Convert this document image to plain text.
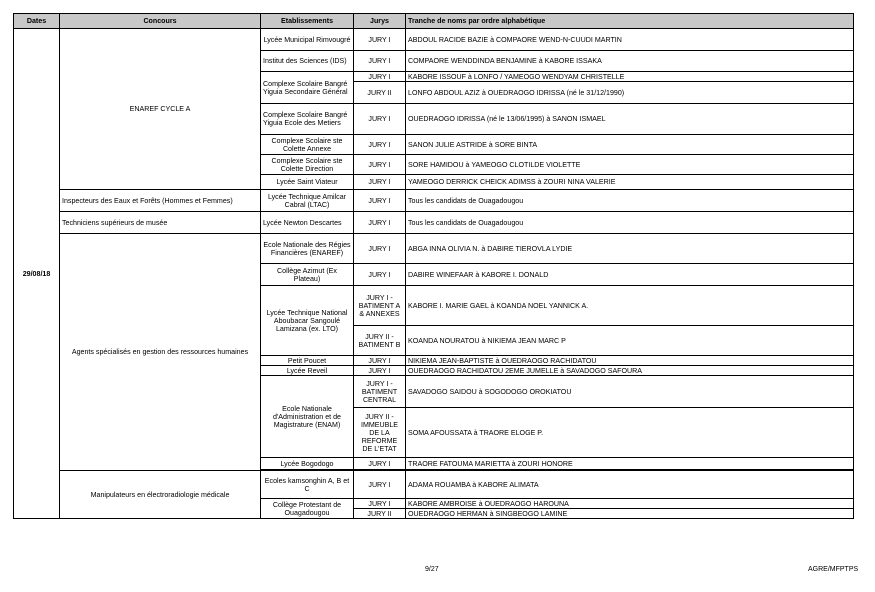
Dates	Concours	Etablissements	Jurys	Tranche de noms par ordre alphabétique
29/08/18	ENAREF CYCLE A	Lycée Municipal Rimvougré	JURY I	ABDOUL RACIDE BAZIE à COMPAORE WEND-N-CUUDI MARTIN
		Institut des Sciences (IDS)	JURY I	COMPAORE WENDDINDA BENJAMINE à KABORE ISSAKA
		Complexe Scolaire Bangré Yiguia Secondaire Général	JURY I	KABORE ISSOUF à LONFO / YAMEOGO WENDYAM CHRISTELLE
			JURY II	LONFO ABDOUL AZIZ à OUEDRAOGO IDRISSA (né le 31/12/1990)
		Complexe Scolaire Bangré Yiguia Ecole des Metiers	JURY I	OUEDRAOGO IDRISSA (né le 13/06/1995) à SANON ISMAEL
		Complexe Scolaire ste Colette Annexe	JURY I	SANON JULIE ASTRIDE à SORE BINTA
		Complexe Scolaire ste Colette Direction	JURY I	SORE HAMIDOU à YAMEOGO CLOTILDE VIOLETTE
		Lycée Saint Viateur	JURY I	YAMEOGO DERRICK CHEICK ADIMSS à ZOURI NINA VALERIE
	Inspecteurs des Eaux et Forêts (Hommes et Femmes)	Lycée Technique Amilcar Cabral (LTAC)	JURY I	Tous les candidats de Ouagadougou
	Techniciens supérieurs de musée	Lycée Newton Descartes	JURY I	Tous les candidats de Ouagadougou
	Agents spécialisés en gestion des ressources humaines	Ecole Nationale des Régies Financières (ENAREF)	JURY I	ABGA INNA OLIVIA N. à DABIRE TIEROVLA LYDIE
		Collège Azimut (Ex Plateau)	JURY I	DABIRE WINEFAAR à KABORE I. DONALD
		Lycée Technique National Aboubacar Sangoulé Lamizana (ex. LTO)	JURY I - BATIMENT A & ANNEXES	KABORE I. MARIE GAEL à KOANDA NOEL YANNICK A.
			JURY II - BATIMENT B	KOANDA NOURATOU à NIKIEMA JEAN MARC P
		Petit Poucet	JURY I	NIKIEMA JEAN-BAPTISTE à OUEDRAOGO RACHIDATOU
		Lycée Reveil	JURY I	OUEDRAOGO RACHIDATOU 2EME JUMELLE à SAVADOGO SAFOURA
		Ecole Nationale d'Administration et de Magistrature (ENAM)	JURY I - BATIMENT CENTRAL	SAVADOGO SAIDOU à SOGODOGO OROKIATOU
			JURY II - IMMEUBLE DE LA REFORME DE L'ETAT	SOMA AFOUSSATA à TRAORE ELOGE P.
		Lycée Bogodogo	JURY I	TRAORE FATOUMA MARIETTA à ZOURI HONORE

	Manipulateurs en électroradiologie médicale	Ecoles kamsonghin A, B et C	JURY I	ADAMA ROUAMBA à KABORE ALIMATA
		Collège Protestant de Ouagadougou	JURY I	KABORE AMBROISE à OUEDRAOGO HAROUNA
			JURY II	OUEDRAOGO HERMAN à SINGBEOGO LAMINE
9/27	AGRE/MFPTPS
